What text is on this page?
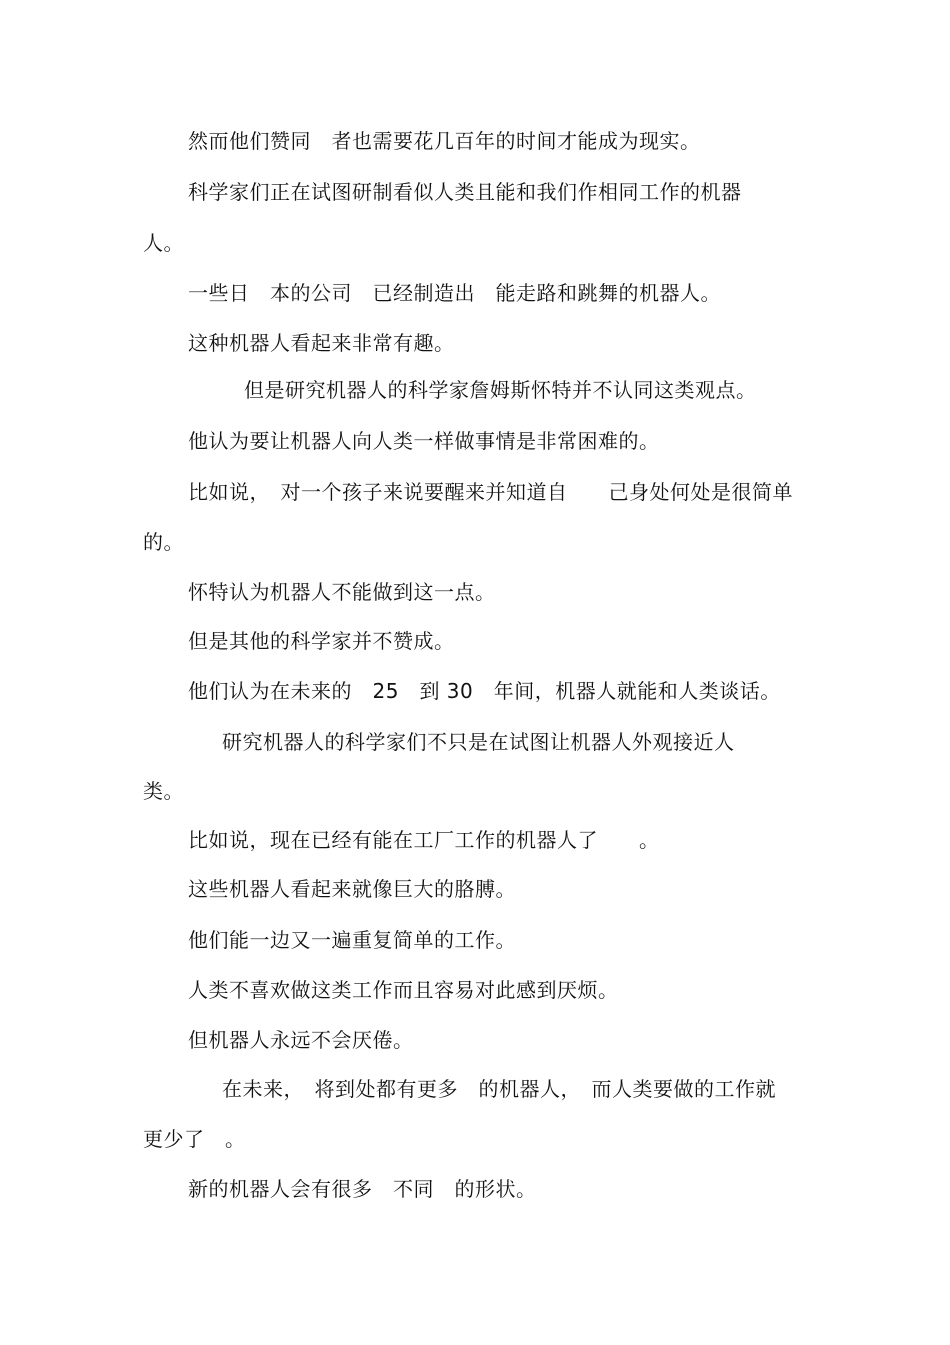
然而他们赞同　者也需要花几百年的时间才能成为现实。
科学家们正在试图研制看似人类且能和我们作相同工作的机器
人。
一些日　本的公司　已经制造出　能走路和跳舞的机器人。
这种机器人看起来非常有趣。
但是研究机器人的科学家詹姆斯怀特并不认同这类观点。
他认为要让机器人向人类一样做事情是非常困难的。
比如说，　对一个孩子来说要醒来并知道自　　己身处何处是很简单
的。
怀特认为机器人不能做到这一点。
但是其他的科学家并不赞成。
他们认为在未来的　25　到 30　年间，机器人就能和人类谈话。
研究机器人的科学家们不只是在试图让机器人外观接近人
类。
比如说，现在已经有能在工厂工作的机器人了　　。
这些机器人看起来就像巨大的胳膊。
他们能一边又一遍重复简单的工作。
人类不喜欢做这类工作而且容易对此感到厌烦。
但机器人永远不会厌倦。
在未来，　将到处都有更多　的机器人，　而人类要做的工作就
更少了　。
新的机器人会有很多　不同　的形状。
